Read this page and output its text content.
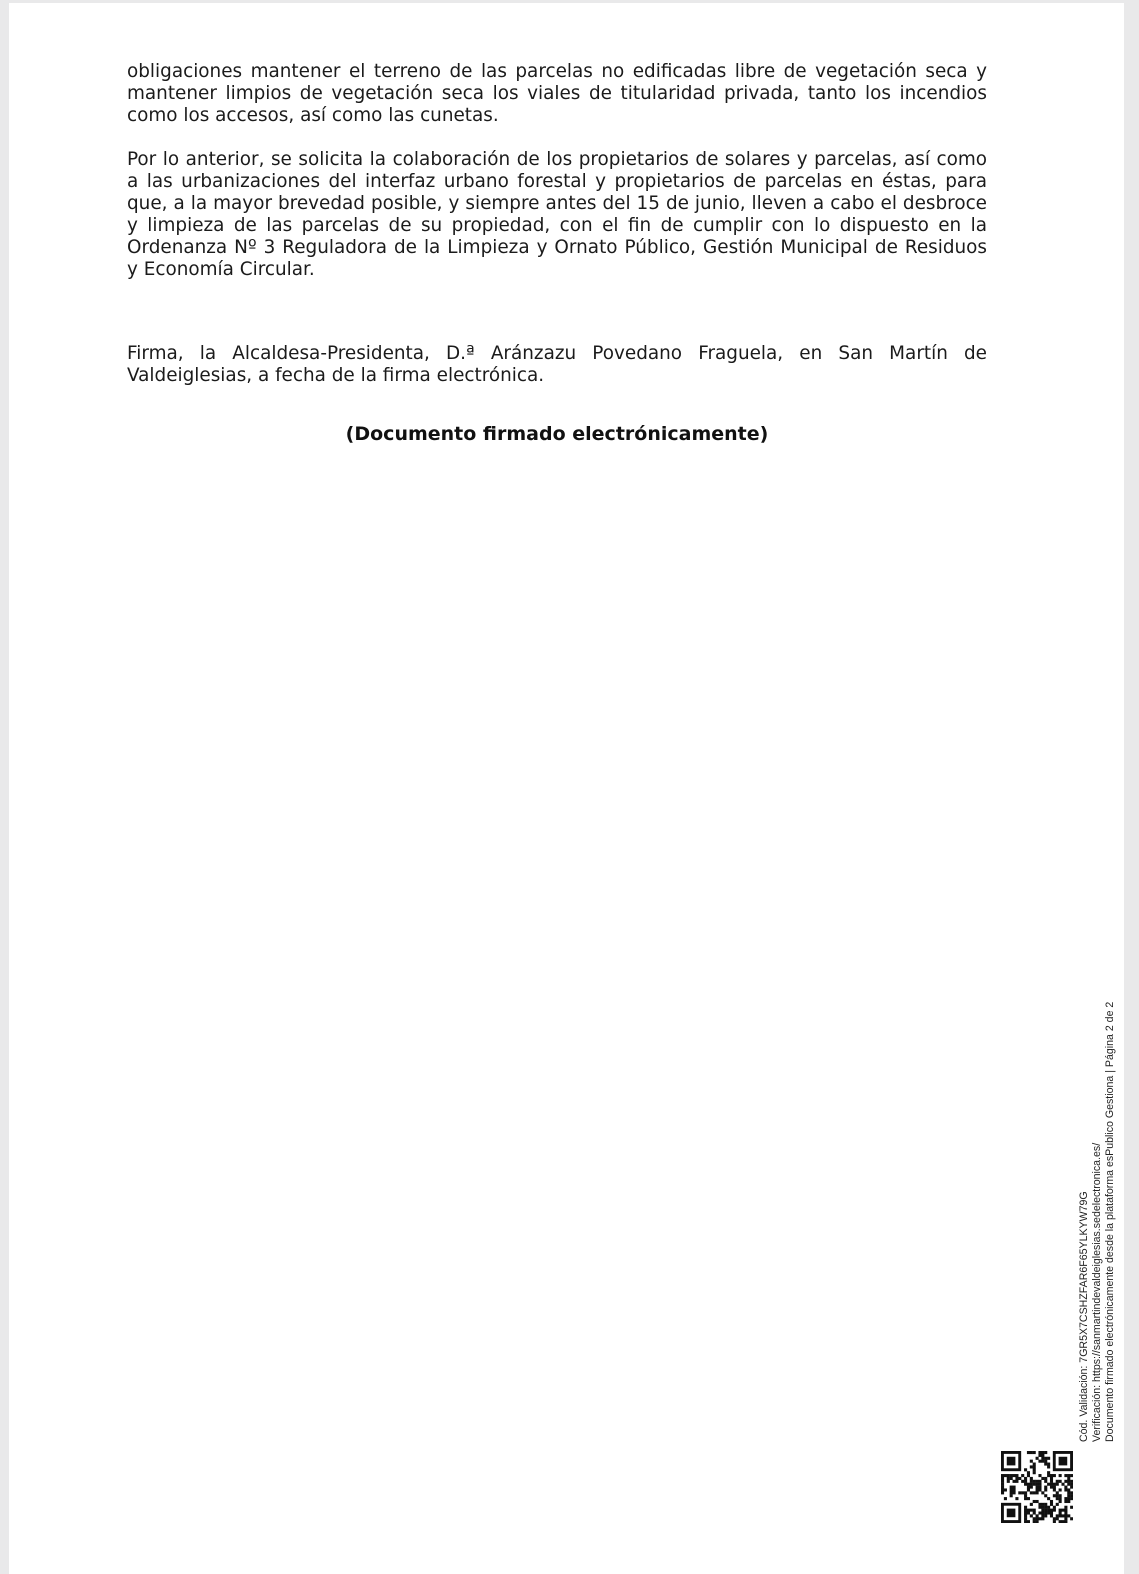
obligaciones mantener el terreno de las parcelas no edificadas libre de vegetación seca y mantener limpios de vegetación seca los viales de titularidad privada, tanto los incendios como los accesos, así como las cunetas.

Por lo anterior, se solicita la colaboración de los propietarios de solares y parcelas, así como a las urbanizaciones del interfaz urbano forestal y propietarios de parcelas en éstas, para que, a la mayor brevedad posible, y siempre antes del 15 de junio, lleven a cabo el desbroce y limpieza de las parcelas de su propiedad, con el fin de cumplir con lo dispuesto en la Ordenanza Nº 3 Reguladora de la Limpieza y Ornato Público, Gestión Municipal de Residuos y Economía Circular.

Firma, la Alcaldesa-Presidenta, D.ª Aránzazu Povedano Fraguela, en San Martín de Valdeiglesias, a fecha de la firma electrónica.

(Documento firmado electrónicamente)
Cód. Validación: 7GR5X7CSHZFAR6F65YLKYW79G Verificación: https://sanmartindevaldeiglesias.sedelectronica.es/ Documento firmado electrónicamente desde la plataforma esPublico Gestiona | Página 2 de 2
